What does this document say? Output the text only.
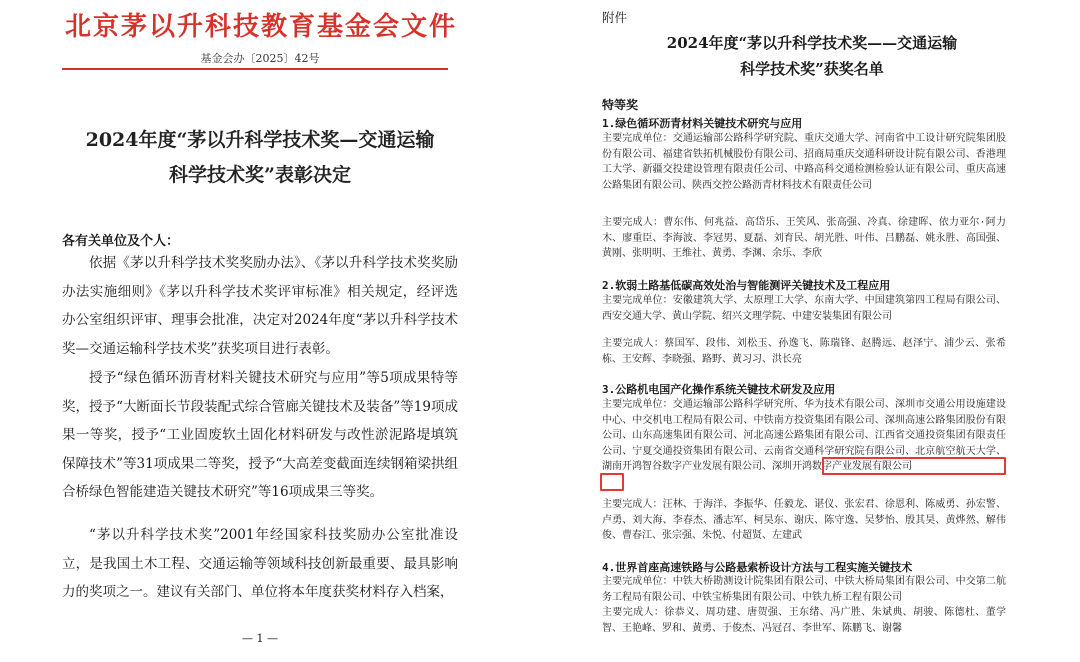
北京茅以升科技教育基金会文件
基金会办〔2025〕42号
2024年度“茅以升科学技术奖—交通运输
科学技术奖”表彰决定
各有关单位及个人：

依据《茅以升科学技术奖奖励办法》、《茅以升科学技术奖奖励办法实施细则》《茅以升科学技术奖评审标准》相关规定，经评选办公室组织评审、理事会批准，决定对2024年度“茅以升科学技术奖—交通运输科学技术奖”获奖项目进行表彰。

授予“绿色循环沥青材料关键技术研究与应用”等5项成果特等奖，授予“大断面长节段装配式综合管廊关键技术及装备”等19项成果一等奖，授予“工业固废软土固化材料研发与改性淤泥路堤填筑保障技术”等31项成果二等奖，授予“大高差变截面连续钢箱梁拱组合桥绿色智能建造关键技术研究”等16项成果三等奖。

“茅以升科学技术奖”2001年经国家科技奖励办公室批准设立，是我国土木工程、交通运输等领域科技创新最重要、最具影响力的奖项之一。建议有关部门、单位将本年度获奖材料存入档案，

— 1 —
附件
2024年度“茅以升科学技术奖——交通运输
科学技术奖”获奖名单
特等奖
1.绿色循环沥青材料关键技术研究与应用

主要完成单位：交通运输部公路科学研究院、重庆交通大学、河南省中工设计研究院集团股份有限公司、福建省铁拓机械股份有限公司、招商局重庆交通科研设计院有限公司、香港理工大学、新疆交投建设管理有限责任公司、中路高科交通检测检验认证有限公司、重庆高速公路集团有限公司、陕西交控公路沥青材料技术有限责任公司

主要完成人：曹东伟、何兆益、高岱乐、王笑风、张高强、冷真、徐建晖、依力亚尔·阿力木、廖重臣、李海波、李冠男、夏磊、刘育民、胡光胜、叶伟、吕鹏磊、姚永胜、高国强、黄刚、张明明、王维社、黄勇、李渊、余乐、李欣

2.软弱土路基低碳高效处治与智能测评关键技术及工程应用

主要完成单位：安徽建筑大学、太原理工大学、东南大学、中国建筑第四工程局有限公司、西安交通大学、黄山学院、绍兴文理学院、中建安装集团有限公司

主要完成人：蔡国军、段伟、刘松玉、孙逸飞、陈瑞锋、赵腾远、赵泽宁、浦少云、张希栋、王安辉、李晓强、路野、黄习习、洪长亮

3.公路机电国产化操作系统关键技术研发及应用

主要完成单位：交通运输部公路科学研究所、华为技术有限公司、深圳市交通公用设施建设中心、中交机电工程局有限公司、中铁南方投资集团有限公司、深圳高速公路集团股份有限公司、山东高速集团有限公司、河北高速公路集团有限公司、江西省交通投资集团有限责任公司、宁夏交通投资集团有限公司、云南省交通科学研究院有限公司、北京航空航天大学、湖南开鸿智谷数字产业发展有限公司、深圳开鸿数字产业发展有限公司

主要完成人：汪林、于海洋、李振华、任毅龙、谌仪、张宏君、徐恩利、陈威勇、孙宏警、卢勇、刘大海、李春杰、潘志军、柯昊东、谢庆、陈守逸、吴梦怡、殷其昊、黄烨然、解伟俊、曹春江、张宗强、朱悦、付超贤、左建武

4.世界首座高速铁路与公路悬索桥设计方法与工程实施关键技术

主要完成单位：中铁大桥勘测设计院集团有限公司、中铁大桥局集团有限公司、中交第二航务工程局有限公司、中铁宝桥集团有限公司、中铁九桥工程有限公司

主要完成人：徐恭义、周功建、唐贺强、王东绪、冯广胜、朱斌典、胡骏、陈德杜、董学智、王艳峰、罗和、黄勇、于俊杰、冯冠召、李世军、陈鹏飞、谢馨
